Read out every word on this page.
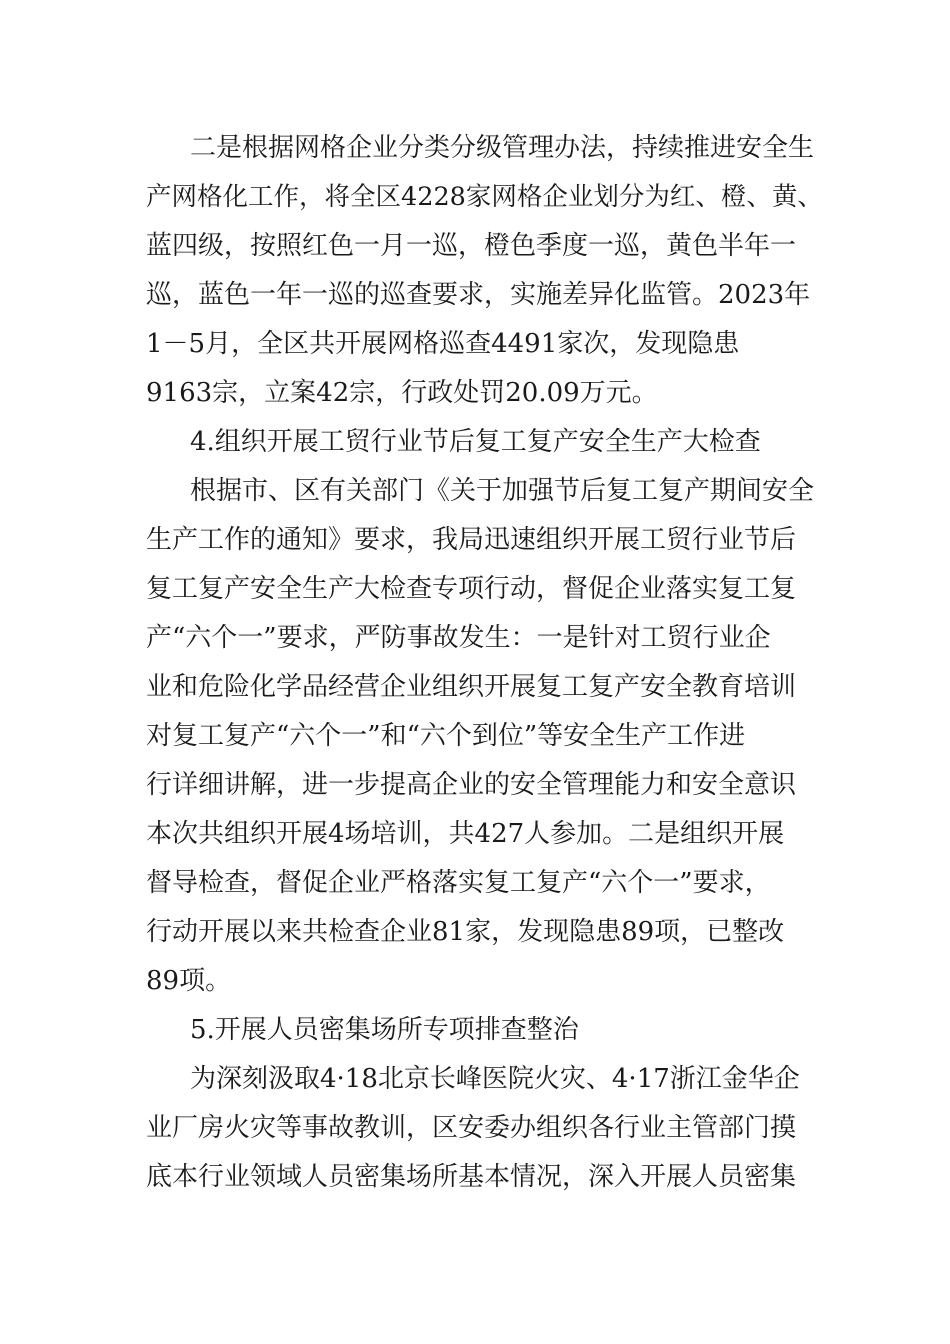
二是根据网格企业分类分级管理办法，持续推进安全生
产网格化工作，将全区4228家网格企业划分为红、橙、黄、
蓝四级，按照红色一月一巡，橙色季度一巡，黄色半年一
巡，蓝色一年一巡的巡查要求，实施差异化监管。2023年
1－5月，全区共开展网格巡查4491家次，发现隐患
9163宗，立案42宗，行政处罚20.09万元。
4.组织开展工贸行业节后复工复产安全生产大检查
根据市、区有关部门《关于加强节后复工复产期间安全
生产工作的通知》要求，我局迅速组织开展工贸行业节后
复工复产安全生产大检查专项行动，督促企业落实复工复
产“六个一”要求，严防事故发生：一是针对工贸行业企
业和危险化学品经营企业组织开展复工复产安全教育培训
对复工复产“六个一”和“六个到位”等安全生产工作进
行详细讲解，进一步提高企业的安全管理能力和安全意识
本次共组织开展4场培训，共427人参加。二是组织开展
督导检查，督促企业严格落实复工复产“六个一”要求，
行动开展以来共检查企业81家，发现隐患89项，已整改
89项。
5.开展人员密集场所专项排查整治
为深刻汲取4·18北京长峰医院火灾、4·17浙江金华企
业厂房火灾等事故教训，区安委办组织各行业主管部门摸
底本行业领域人员密集场所基本情况，深入开展人员密集
